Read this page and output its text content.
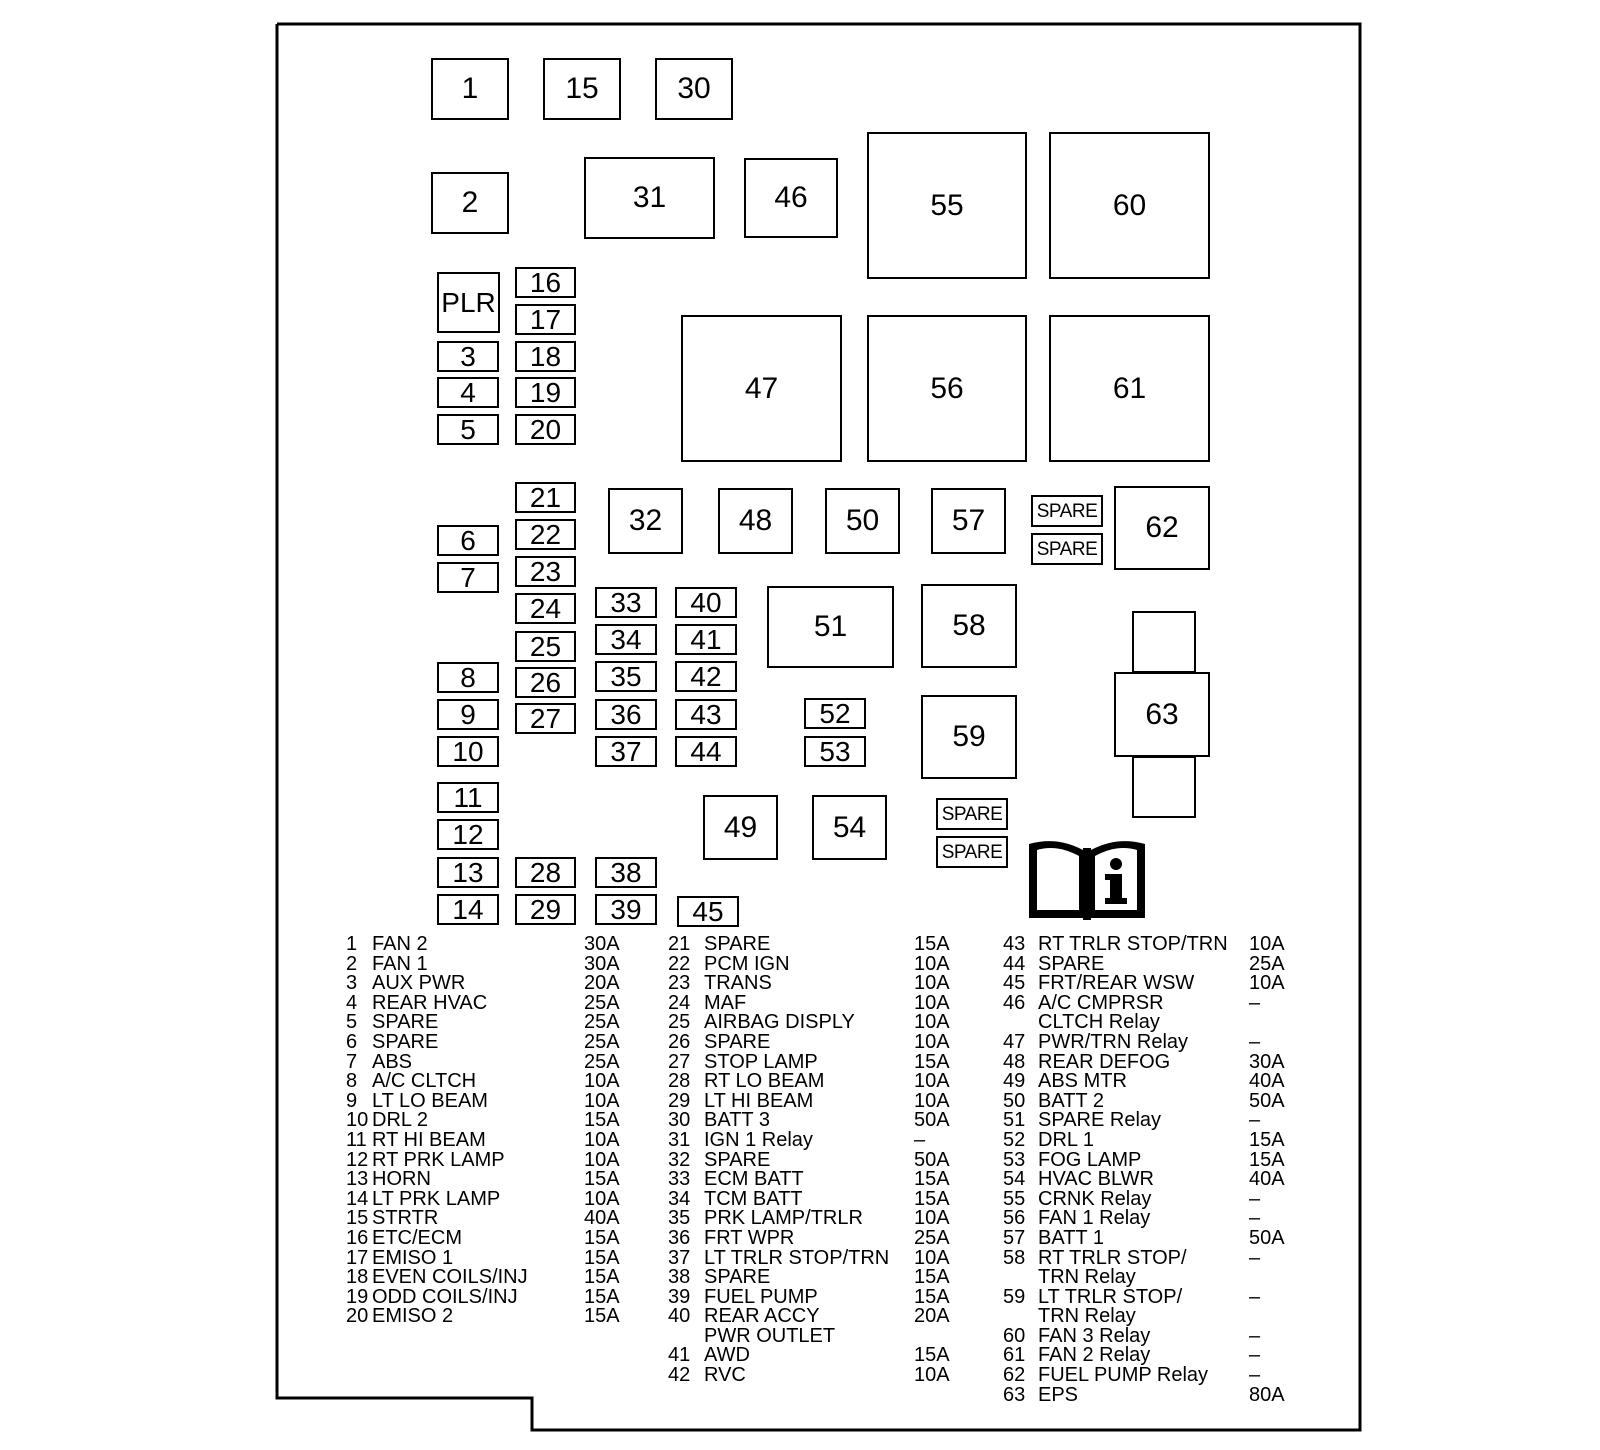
1	15	30
2
16
17
18
19
20
3
4
5
PLR
21
22
23
24
25
26
27
6
7
8
9
10
11
12
13
14
28
29
38
39	45
33
34
35
36
37
40
41
42
43
44
52
53
SPARE
SPARE
SPARE
SPARE
31	46	55	60
47	56	61
32	48	50	57	62
51	58
59
49	54
63
1 FAN 2	30A
2 FAN 1	30A
3 AUX PWR	20A
4 REAR HVAC	25A
5 SPARE	25A
6 SPARE	25A
7 ABS	25A
8 A/C CLTCH	10A
9 LT LO BEAM	10A
10 DRL 2	15A
11 RT HI BEAM	10A
12 RT PRK LAMP	10A
13 HORN	15A
14 LT PRK LAMP	10A
15 STRTR	40A
16 ETC/ECM	15A
17 EMISO 1	15A
18 EVEN COILS/INJ	15A
19 ODD COILS/INJ	15A
20 EMISO 2	15A
21 SPARE	15A
22 PCM IGN	10A
23 TRANS	10A
24 MAF	10A
25 AIRBAG DISPLY	10A
26 SPARE	10A
27 STOP LAMP	15A
28 RT LO BEAM	10A
29 LT HI BEAM	10A
30 BATT 3	50A
31 IGN 1 Relay	–
32 SPARE	50A
33 ECM BATT	15A
34 TCM BATT	15A
35 PRK LAMP/TRLR	10A
36 FRT WPR	25A
37 LT TRLR STOP/TRN 10A
38 SPARE	15A
39 FUEL PUMP	15A
40 REAR ACCY	20A
PWR OUTLET
41 AWD	15A
42 RVC	10A
43 RT TRLR STOP/TRN 10A
44 SPARE	25A
45 FRT/REAR WSW	10A
46 A/C CMPRSR	–
CLTCH Relay
47 PWR/TRN Relay	–
48 REAR DEFOG	30A
49 ABS MTR	40A
50 BATT 2	50A
51 SPARE Relay	–
52 DRL 1	15A
53 FOG LAMP	15A
54 HVAC BLWR	40A
55 CRNK Relay	–
56 FAN 1 Relay	–
57 BATT 1	50A
58 RT TRLR STOP/	–
TRN Relay
59 LT TRLR STOP/	–
TRN Relay
60 FAN 3 Relay	–
61 FAN 2 Relay	–
62 FUEL PUMP Relay –
63 EPS	80A
